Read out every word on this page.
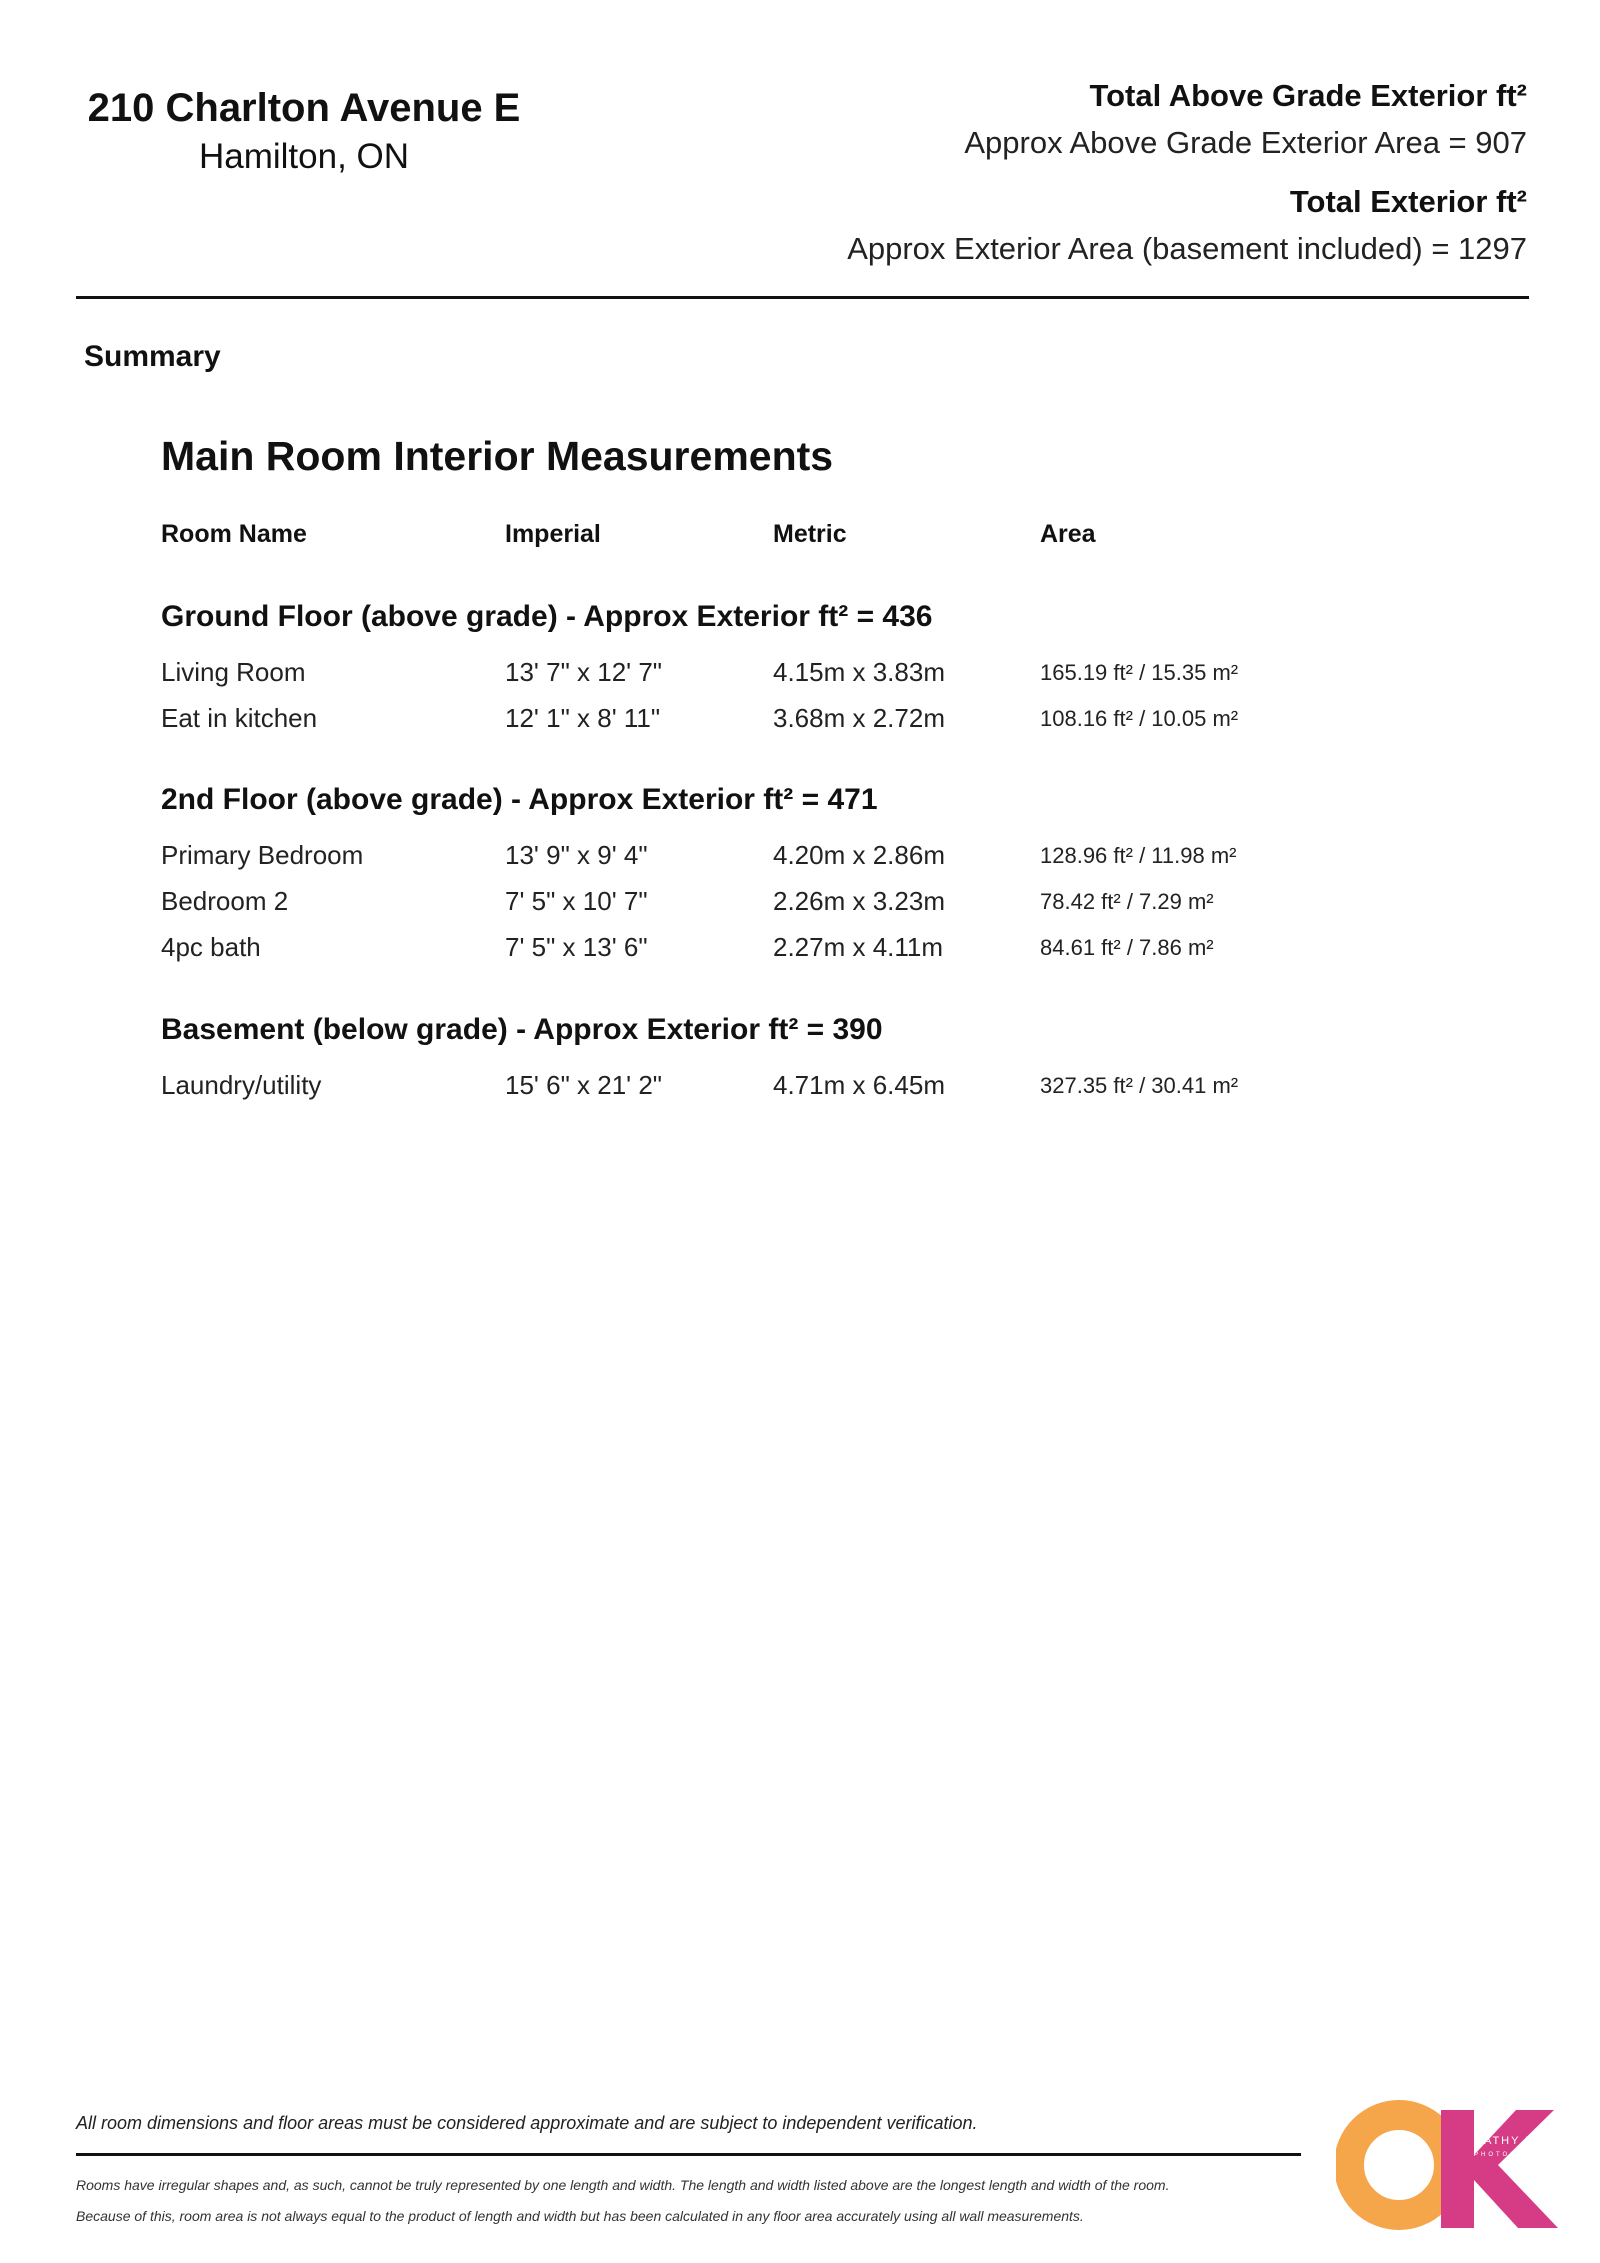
210 Charlton Avenue E
Hamilton, ON
Total Above Grade Exterior ft²
Approx Above Grade Exterior Area = 907
Total Exterior ft²
Approx Exterior Area (basement included) = 1297
Summary
Main Room Interior Measurements
Room Name	Imperial	Metric	Area
Ground Floor (above grade) - Approx Exterior ft² = 436
Living Room	13' 7" x 12' 7"	4.15m x 3.83m	165.19 ft² / 15.35 m²
Eat in kitchen	12' 1" x 8' 11"	3.68m x 2.72m	108.16 ft² / 10.05 m²
2nd Floor (above grade) - Approx Exterior ft² = 471
Primary Bedroom	13' 9" x 9' 4"	4.20m x 2.86m	128.96 ft² / 11.98 m²
Bedroom 2	7' 5" x 10' 7"	2.26m x 3.23m	78.42 ft² / 7.29 m²
4pc bath	7' 5" x 13' 6"	2.27m x 4.11m	84.61 ft² / 7.86 m²
Basement (below grade) - Approx Exterior ft² = 390
Laundry/utility	15' 6" x 21' 2"	4.71m x 6.45m	327.35 ft² / 30.41 m²
All room dimensions and floor areas must be considered approximate and are subject to independent verification.
Rooms have irregular shapes and, as such, cannot be truly represented by one length and width. The length and width listed above are the longest length and width of the room.
Because of this, room area is not always equal to the product of length and width but has been calculated in any floor area accurately using all wall measurements.
CATHY KOOP
PHOTOGRAPHY
